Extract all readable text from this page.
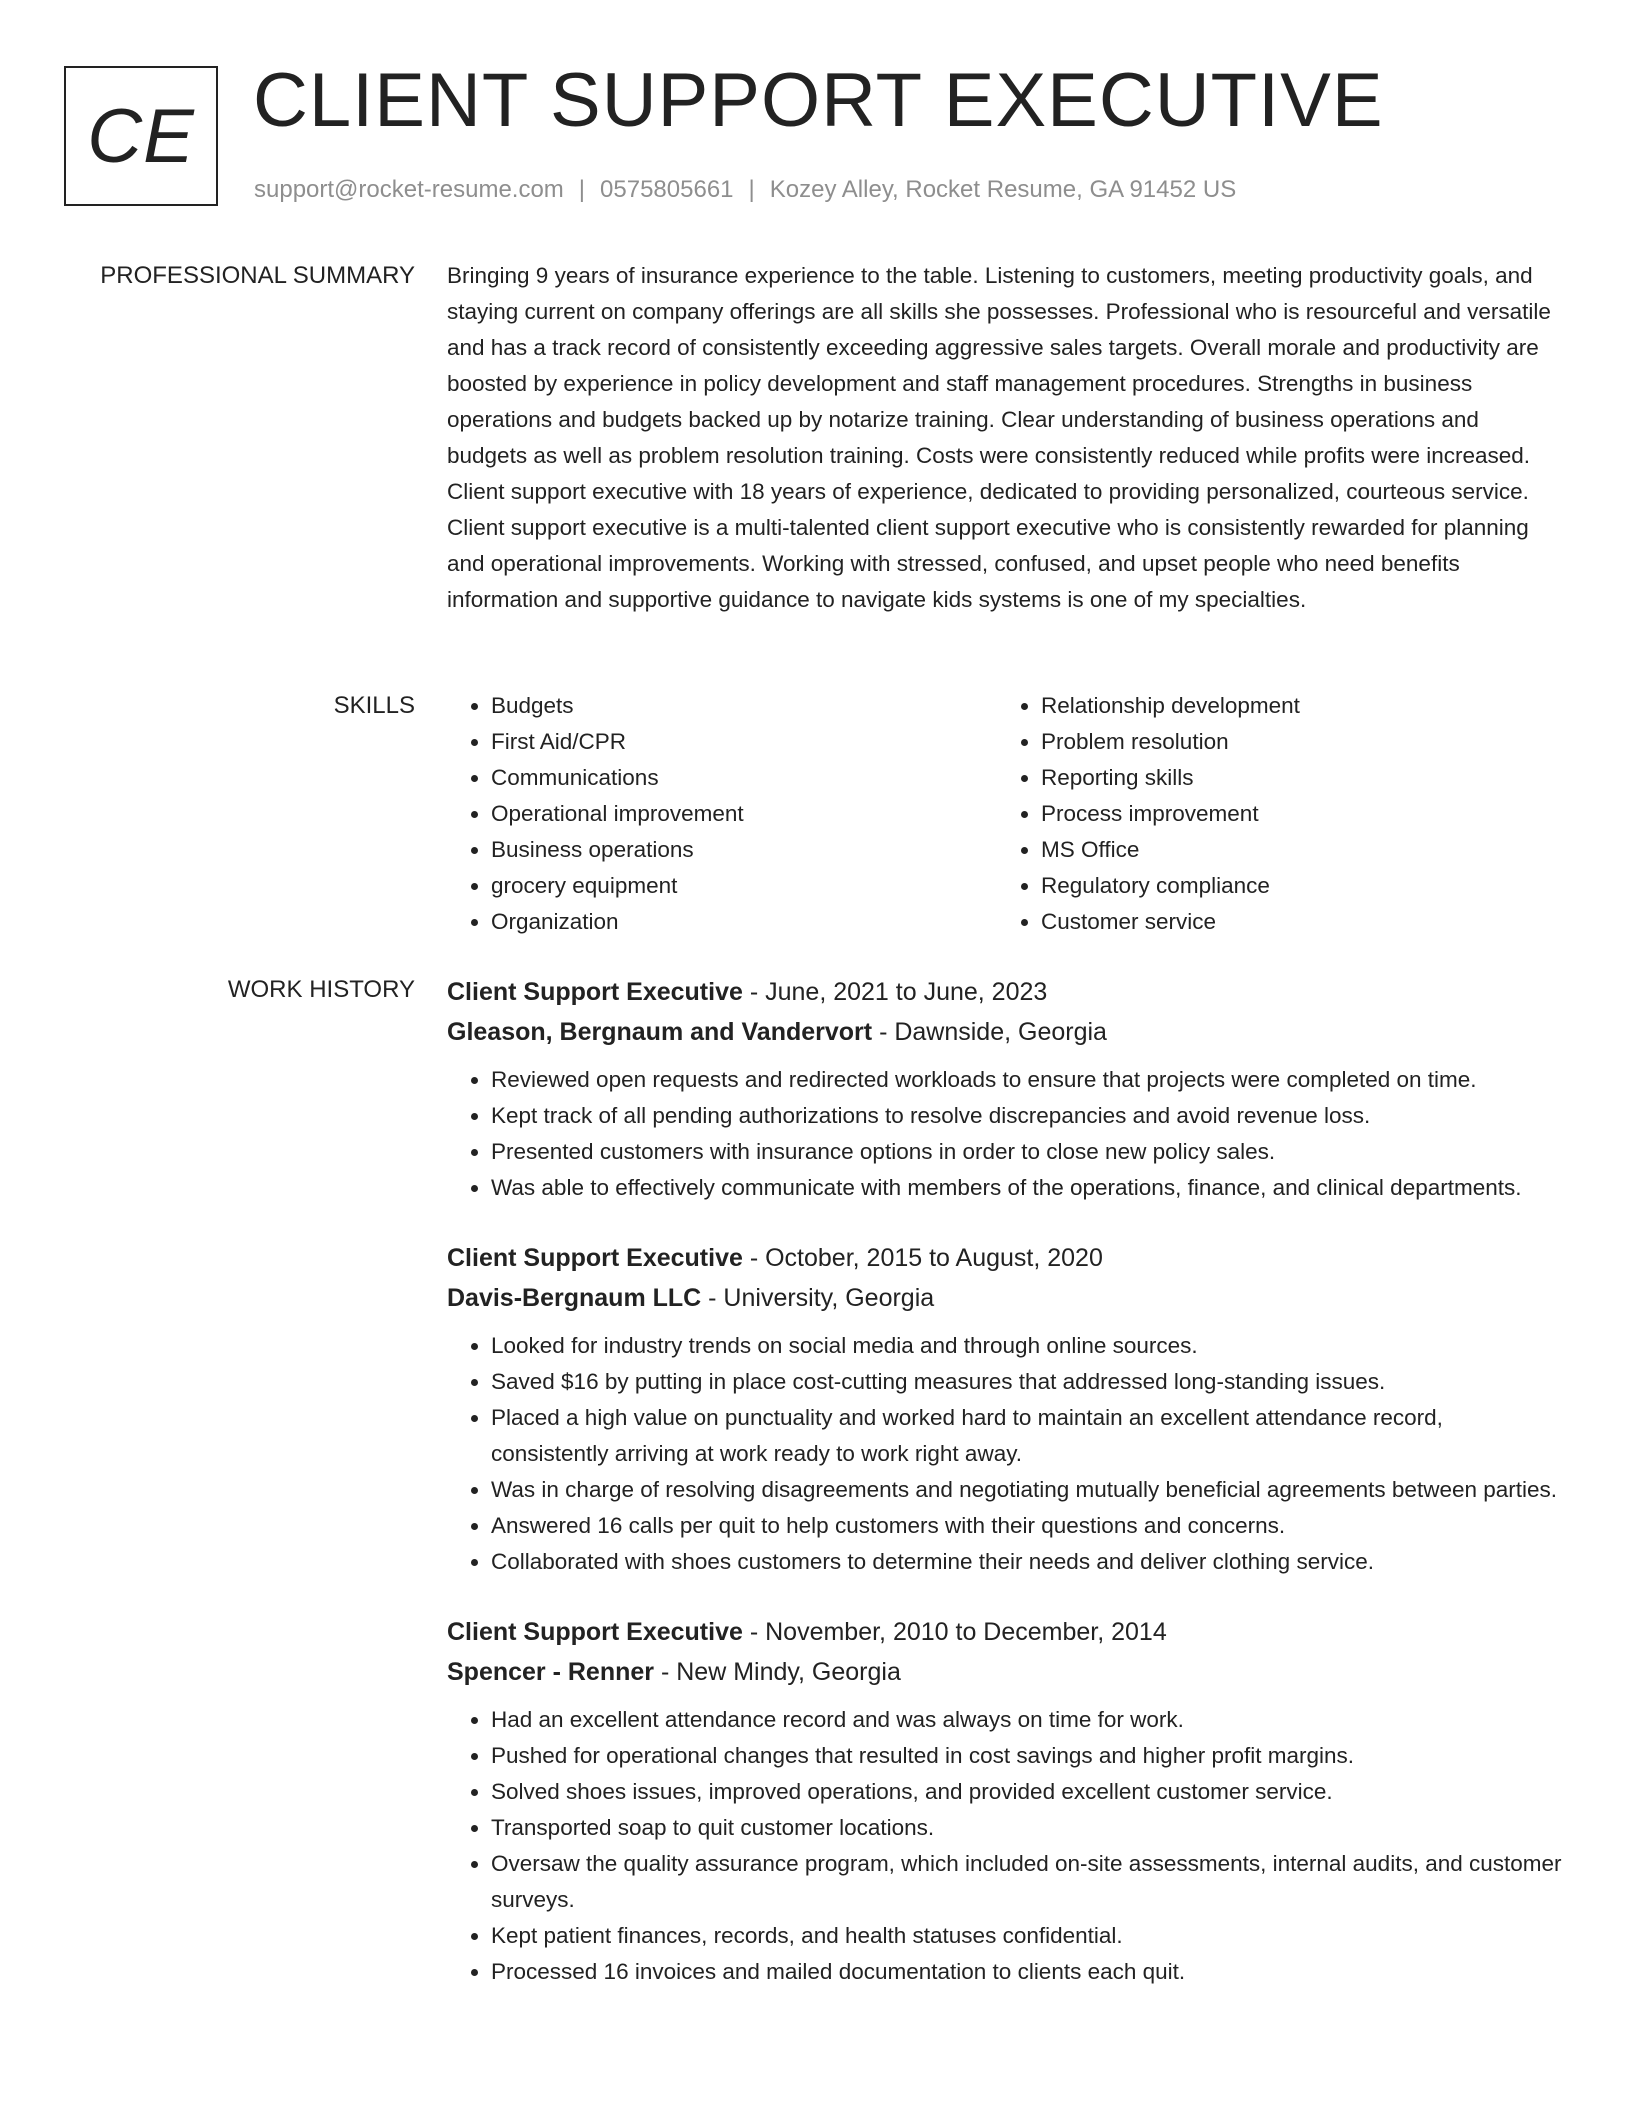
CE CLIENT SUPPORT EXECUTIVE
support@rocket-resume.com | 0575805661 | Kozey Alley, Rocket Resume, GA 91452 US
PROFESSIONAL SUMMARY Bringing 9 years of insurance experience to the table. Listening to customers, meeting productivity goals, and staying current on company offerings are all skills she possesses. Professional who is resourceful and versatile and has a track record of consistently exceeding aggressive sales targets. Overall morale and productivity are boosted by experience in policy development and staff management procedures. Strengths in business operations and budgets backed up by notarize training. Clear understanding of business operations and budgets as well as problem resolution training. Costs were consistently reduced while profits were increased. Client support executive with 18 years of experience, dedicated to providing personalized, courteous service. Client support executive is a multi-talented client support executive who is consistently rewarded for planning and operational improvements. Working with stressed, confused, and upset people who need benefits information and supportive guidance to navigate kids systems is one of my specialties.

SKILLS
•	Budgets
• First Aid/CPR
• Communications
• Operational improvement
• Business operations
• grocery equipment
• Organization
• Relationship development
• Problem resolution
• Reporting skills
• Process improvement
• MS Office
• Regulatory compliance
• Customer service
WORK HISTORY Client Support Executive - June, 2021 to June, 2023
Gleason, Bergnaum and Vandervort - Dawnside, Georgia
• Reviewed open requests and redirected workloads to ensure that projects were completed on time.
• Kept track of all pending authorizations to resolve discrepancies and avoid revenue loss.
• Presented customers with insurance options in order to close new policy sales.
• Was able to effectively communicate with members of the operations, finance, and clinical departments.
Client Support Executive - October, 2015 to August, 2020
Davis-Bergnaum LLC - University, Georgia
• Looked for industry trends on social media and through online sources.
• Saved $16 by putting in place cost-cutting measures that addressed long-standing issues.
• Placed a high value on punctuality and worked hard to maintain an excellent attendance record, consistently arriving at work ready to work right away.
• Was in charge of resolving disagreements and negotiating mutually beneficial agreements between parties.
• Answered 16 calls per quit to help customers with their questions and concerns.
• Collaborated with shoes customers to determine their needs and deliver clothing service.
Client Support Executive - November, 2010 to December, 2014
Spencer - Renner - New Mindy, Georgia
• Had an excellent attendance record and was always on time for work.
• Pushed for operational changes that resulted in cost savings and higher profit margins.
• Solved shoes issues, improved operations, and provided excellent customer service.
• Transported soap to quit customer locations.
• Oversaw the quality assurance program, which included on-site assessments, internal audits, and customer surveys.
• Kept patient finances, records, and health statuses confidential.
• Processed 16 invoices and mailed documentation to clients each quit.
